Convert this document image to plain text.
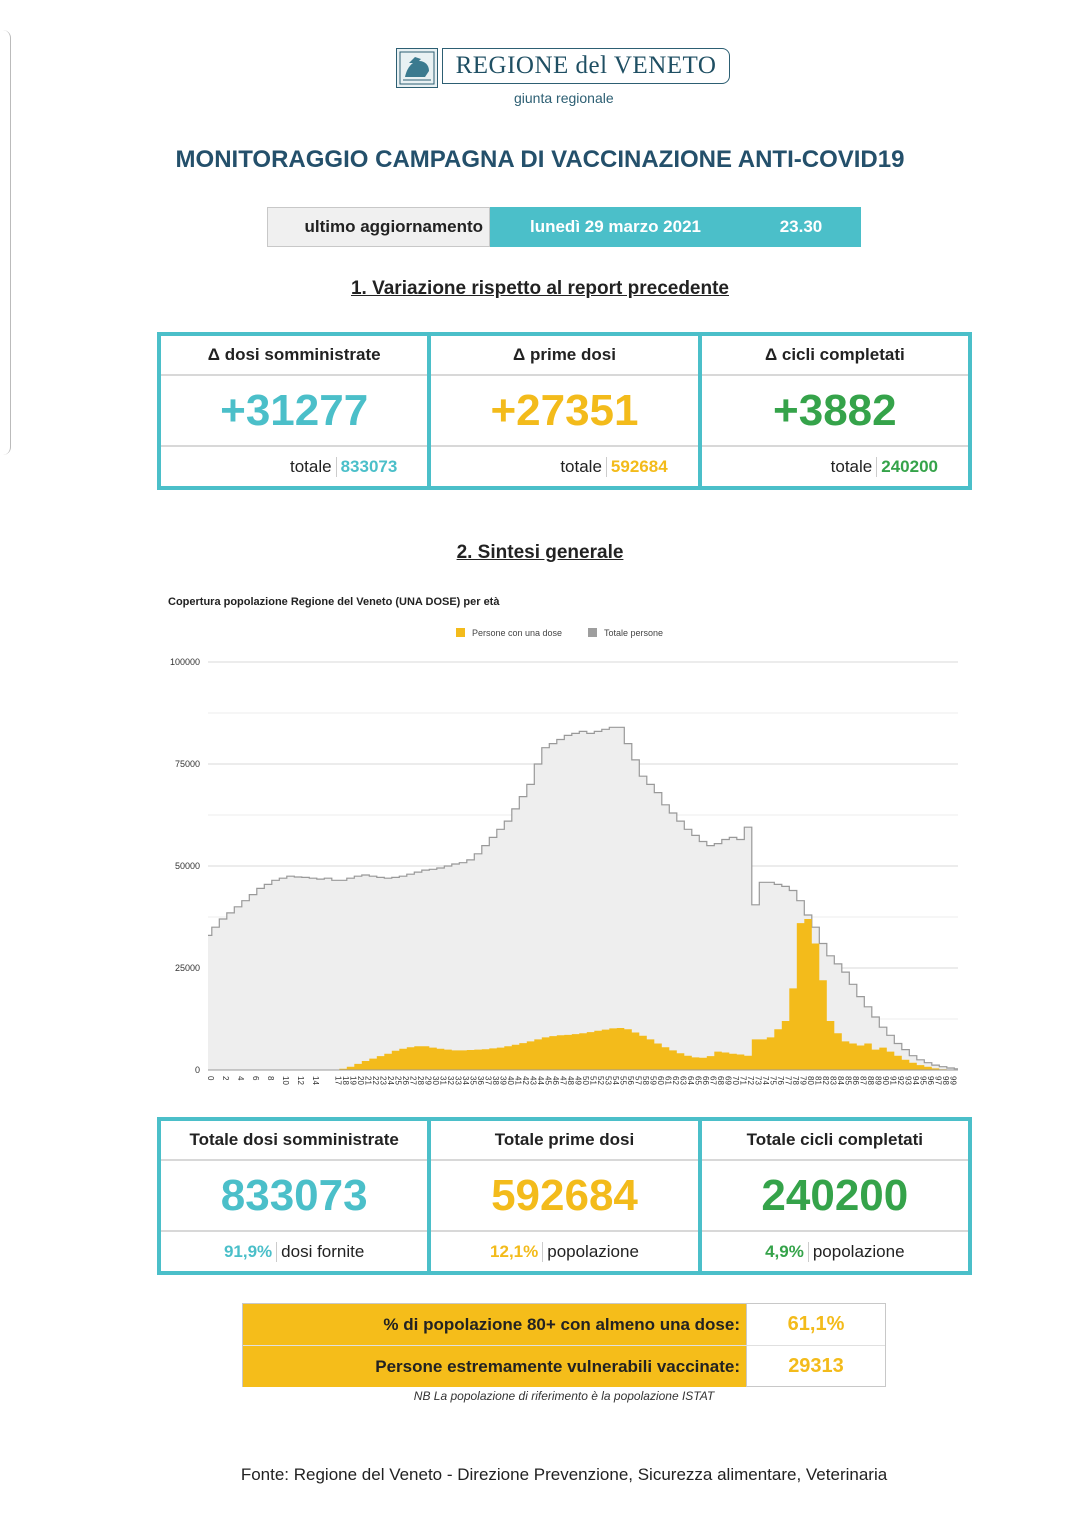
REGIONE del VENETO
giunta regionale
MONITORAGGIO CAMPAGNA DI VACCINAZIONE ANTI-COVID19
ultimo aggiornamento	lunedì 29 marzo 2021	23.30
1. Variazione rispetto al report precedente
Δ dosi somministrate
+31277
totale 833073
Δ prime dosi
+27351
totale 592684
Δ cicli completati
+3882
totale 240200
2. Sintesi generale
Copertura popolazione Regione del Veneto (UNA DOSE) per età
Persone con una dose	Totale persone
0
25000
50000
75000
100000
0 2 4 6 8 10 12 14 17
18
19
20
21
22
23
24
25
26
27
28
29
30
31
32
33
34
35
36
37
38
39
40
41
42
43
44
45
46
47
48
49
50
51
52
53
54
55
56
57
58
59
60
61
62
63
64
65
66
67
68
69
70
71
72
73
74
75
76
77
78
79
80
81
82
83
84
85
86
87
88
89
90
91
92
93
94
95
96
97
98
99
Totale dosi somministrate
833073
91,9% dosi fornite
Totale prime dosi
592684
12,1% popolazione
Totale cicli completati
240200
4,9% popolazione
% di popolazione 80+ con almeno una dose:	61,1%
Persone estremamente vulnerabili vaccinate:	29313
NB La popolazione di riferimento è la popolazione ISTAT
Fonte: Regione del Veneto - Direzione Prevenzione, Sicurezza alimentare, Veterinaria
